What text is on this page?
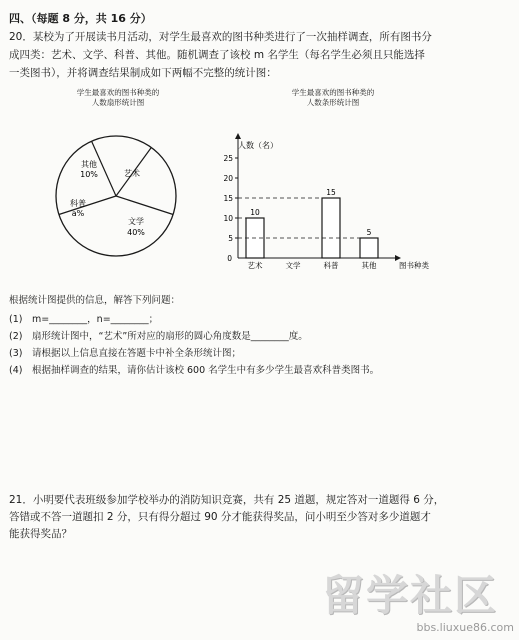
四、（每题 8 分，共 16 分）

20．某校为了开展读书月活动，对学生最喜欢的图书种类进行了一次抽样调查，所有图书分

成四类：艺术、文学、科普、其他。随机调查了该校 m 名学生（每名学生必须且只能选择

一类图书），并将调查结果制成如下两幅不完整的统计图：

学生最喜欢的图书种类的
人数扇形统计图
其他
10%	艺术
科普
a%
文学
40%
学生最喜欢的图书种类的
人数条形统计图
人数（名）
图书种类
0
5
10
15
20
25
10
15
5
艺术	文学	科普	其他

根据统计图提供的信息，解答下列问题：

(1)　m=________，n=________；

(2)　扇形统计图中，“艺术”所对应的扇形的圆心角度数是________度。

(3)　请根据以上信息直接在答题卡中补全条形统计图；

(4)　根据抽样调查的结果，请你估计该校 600 名学生中有多少学生最喜欢科普类图书。

21．小明要代表班级参加学校举办的消防知识竞赛，共有 25 道题，规定答对一道题得 6 分，

答错或不答一道题扣 2 分，只有得分超过 90 分才能获得奖品，问小明至少答对多少道题才

能获得奖品？

留学社区
bbs.liuxue86.com
